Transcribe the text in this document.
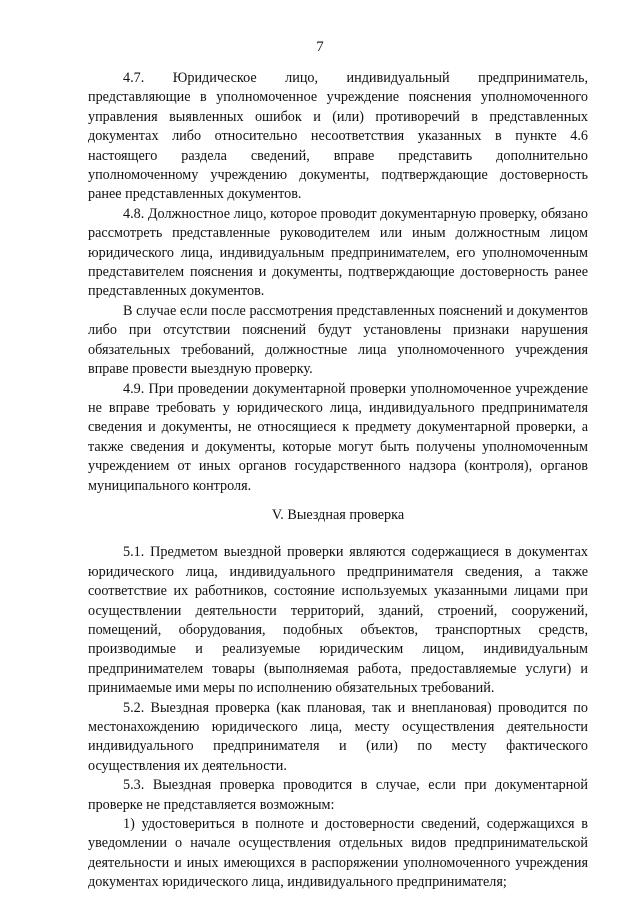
7

4.7. Юридическое лицо, индивидуальный предприниматель, представляющие в уполномоченное учреждение пояснения уполномоченного управления выявленных ошибок и (или) противоречий в представленных документах либо относительно несоответствия указанных в пункте 4.6 настоящего раздела сведений, вправе представить дополнительно уполномоченному учреждению документы, подтверждающие достоверность ранее представленных документов.

4.8. Должностное лицо, которое проводит документарную проверку, обязано рассмотреть представленные руководителем или иным должностным лицом юридического лица, индивидуальным предпринимателем, его уполномоченным представителем пояснения и документы, подтверждающие достоверность ранее представленных документов.

В случае если после рассмотрения представленных пояснений и документов либо при отсутствии пояснений будут установлены признаки нарушения обязательных требований, должностные лица уполномоченного учреждения вправе провести выездную проверку.

4.9. При проведении документарной проверки уполномоченное учреждение не вправе требовать у юридического лица, индивидуального предпринимателя сведения и документы, не относящиеся к предмету документарной проверки, а также сведения и документы, которые могут быть получены уполномоченным учреждением от иных органов государственного надзора (контроля), органов муниципального контроля.

V. Выездная проверка

5.1. Предметом выездной проверки являются содержащиеся в документах юридического лица, индивидуального предпринимателя сведения, а также соответствие их работников, состояние используемых указанными лицами при осуществлении деятельности территорий, зданий, строений, сооружений, помещений, оборудования, подобных объектов, транспортных средств, производимые и реализуемые юридическим лицом, индивидуальным предпринимателем товары (выполняемая работа, предоставляемые услуги) и принимаемые ими меры по исполнению обязательных требований.

5.2. Выездная проверка (как плановая, так и внеплановая) проводится по местонахождению юридического лица, месту осуществления деятельности индивидуального предпринимателя и (или) по месту фактического осуществления их деятельности.

5.3. Выездная проверка проводится в случае, если при документарной проверке не представляется возможным:

1) удостовериться в полноте и достоверности сведений, содержащихся в уведомлении о начале осуществления отдельных видов предпринимательской деятельности и иных имеющихся в распоряжении уполномоченного учреждения документах юридического лица, индивидуального предпринимателя;
